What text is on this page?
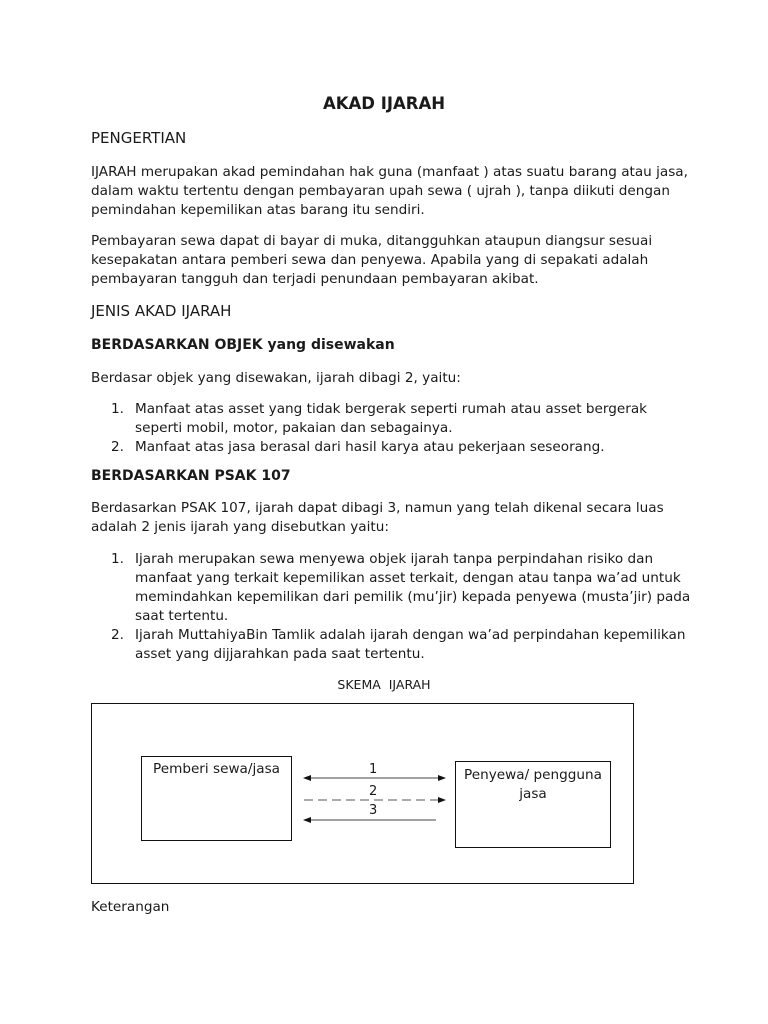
AKAD IJARAH
PENGERTIAN

IJARAH merupakan akad pemindahan hak guna (manfaat ) atas suatu barang atau jasa, dalam waktu tertentu dengan pembayaran upah sewa ( ujrah ), tanpa diikuti dengan pemindahan kepemilikan atas barang itu sendiri.

Pembayaran sewa dapat di bayar di muka, ditangguhkan ataupun diangsur sesuai kesepakatan antara pemberi sewa dan penyewa. Apabila yang di sepakati adalah pembayaran tangguh dan terjadi penundaan pembayaran akibat.

JENIS AKAD IJARAH
BERDASARKAN OBJEK yang disewakan

Berdasar objek yang disewakan, ijarah dibagi 2, yaitu:

1. Manfaat atas asset yang tidak bergerak seperti rumah atau asset bergerak seperti mobil, motor, pakaian dan sebagainya.
2. Manfaat atas jasa berasal dari hasil karya atau pekerjaan seseorang.
BERDASARKAN PSAK 107

Berdasarkan PSAK 107, ijarah dapat dibagi 3, namun yang telah dikenal secara luas adalah 2 jenis ijarah yang disebutkan yaitu:

1. Ijarah merupakan sewa menyewa objek ijarah tanpa perpindahan risiko dan manfaat yang terkait kepemilikan asset terkait, dengan atau tanpa wa’ad untuk memindahkan kepemilikan dari pemilik (mu’jir) kepada penyewa (musta’jir) pada saat tertentu.
2. Ijarah MuttahiyaBin Tamlik adalah ijarah dengan wa’ad perpindahan kepemilikan asset yang dijjarahkan pada saat tertentu.
SKEMA  IJARAH
Pemberi sewa/jasa	Penyewa/ pengguna jasa
1
2
3

Keterangan
